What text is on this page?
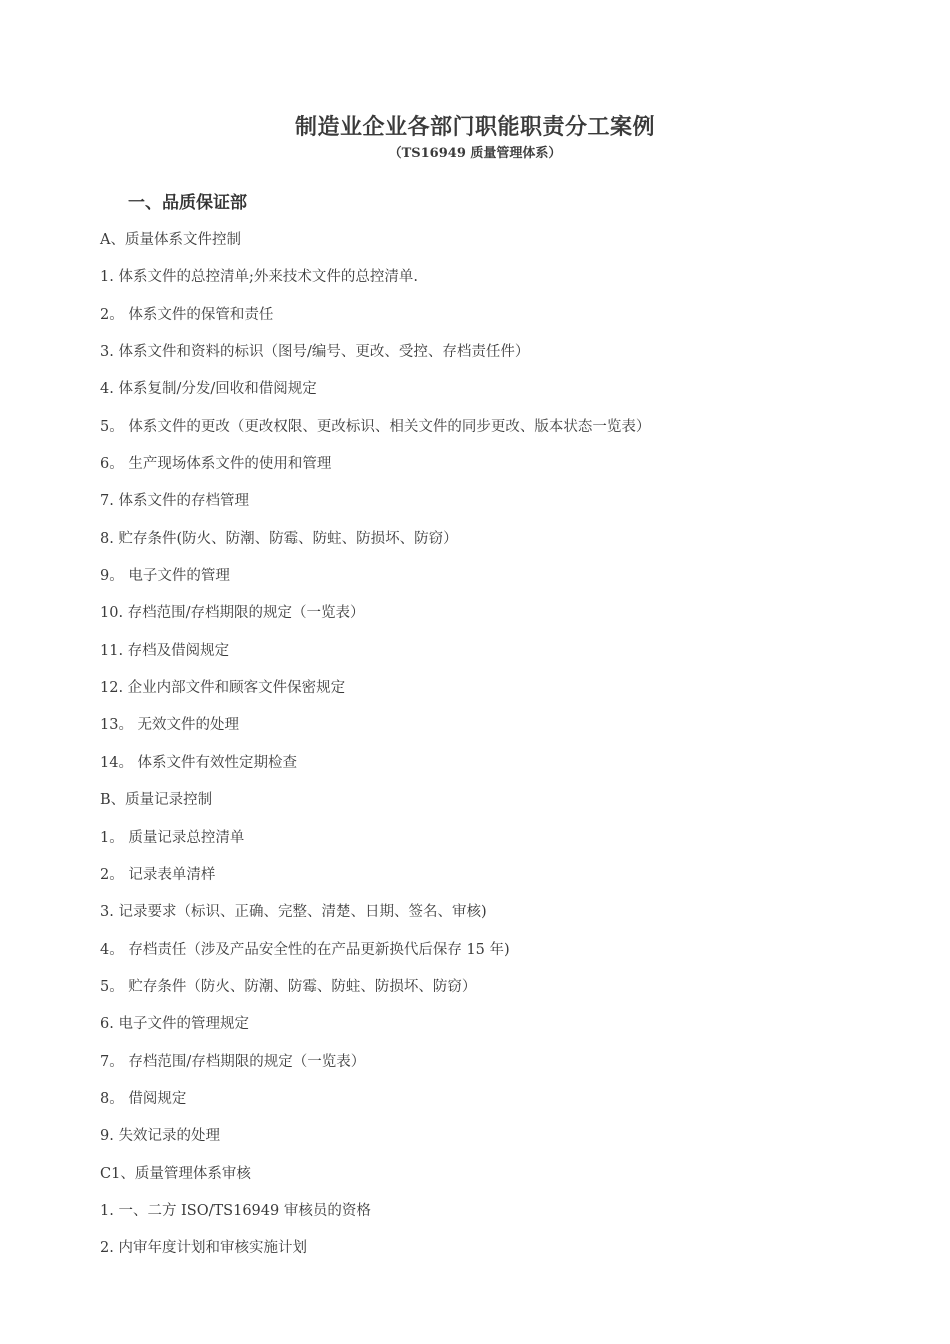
制造业企业各部门职能职责分工案例
（TS16949 质量管理体系）
一、品质保证部
A、质量体系文件控制
1. 体系文件的总控清单;外来技术文件的总控清单.
2。 体系文件的保管和责任
3. 体系文件和资料的标识（图号/编号、更改、受控、存档责任件）
4. 体系复制/分发/回收和借阅规定
5。 体系文件的更改（更改权限、更改标识、相关文件的同步更改、版本状态一览表）
6。 生产现场体系文件的使用和管理
7. 体系文件的存档管理
8. 贮存条件(防火、防潮、防霉、防蛀、防损坏、防窃）
9。 电子文件的管理
10. 存档范围/存档期限的规定（一览表）
11. 存档及借阅规定
12. 企业内部文件和顾客文件保密规定
13。 无效文件的处理
14。 体系文件有效性定期检查
B、质量记录控制
1。 质量记录总控清单
2。 记录表单清样
3. 记录要求（标识、正确、完整、清楚、日期、签名、审核)
4。 存档责任（涉及产品安全性的在产品更新换代后保存 15 年)
5。 贮存条件（防火、防潮、防霉、防蛀、防损坏、防窃）
6. 电子文件的管理规定
7。 存档范围/存档期限的规定（一览表）
8。 借阅规定
9. 失效记录的处理
C1、质量管理体系审核
1. 一、二方 ISO/TS16949 审核员的资格
2. 内审年度计划和审核实施计划
